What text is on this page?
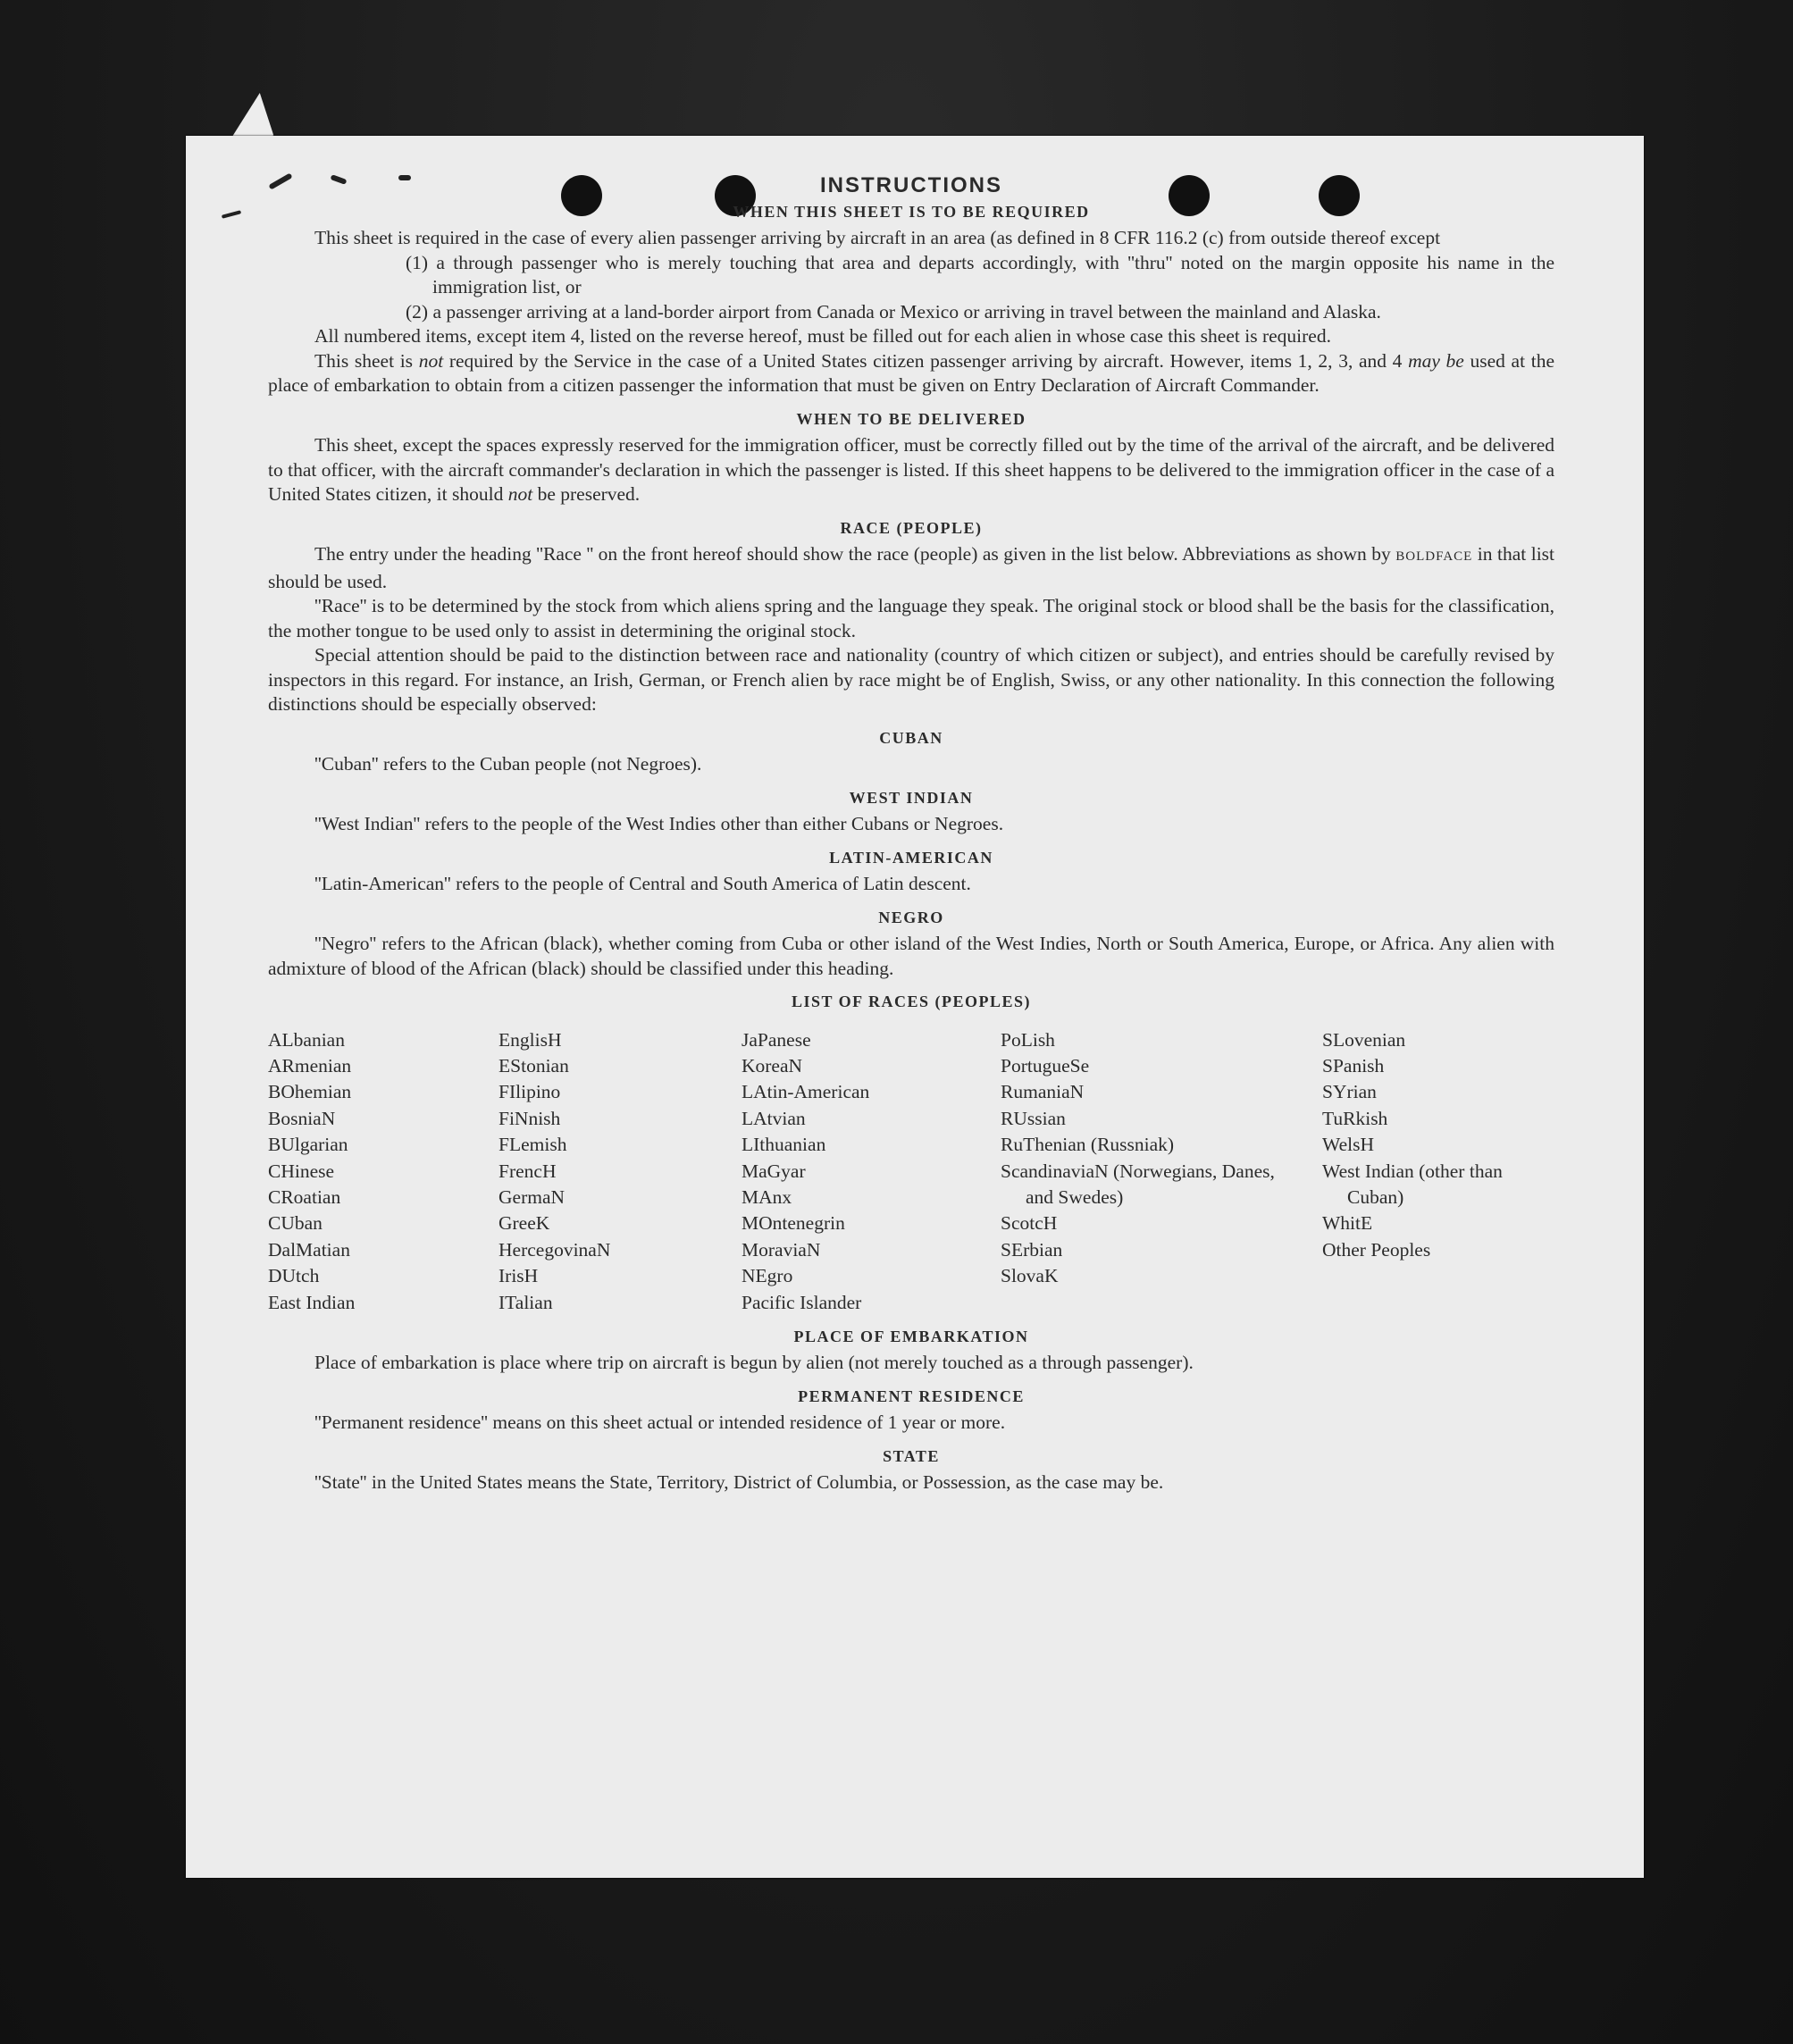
INSTRUCTIONS
WHEN THIS SHEET IS TO BE REQUIRED

This sheet is required in the case of every alien passenger arriving by aircraft in an area (as defined in 8 CFR 116.2 (c) from outside thereof except

(1) a through passenger who is merely touching that area and departs accordingly, with ''thru'' noted on the margin opposite his name in the immigration list, or

(2) a passenger arriving at a land-border airport from Canada or Mexico or arriving in travel between the mainland and Alaska.

All numbered items, except item 4, listed on the reverse hereof, must be filled out for each alien in whose case this sheet is required.

This sheet is not required by the Service in the case of a United States citizen passenger arriving by aircraft. However, items 1, 2, 3, and 4 may be used at the place of embarkation to obtain from a citizen passenger the information that must be given on Entry Declaration of Aircraft Commander.

WHEN TO BE DELIVERED

This sheet, except the spaces expressly reserved for the immigration officer, must be correctly filled out by the time of the arrival of the aircraft, and be delivered to that officer, with the aircraft commander's declaration in which the passenger is listed. If this sheet happens to be delivered to the immigration officer in the case of a United States citizen, it should not be preserved.

RACE (PEOPLE)

The entry under the heading ''Race '' on the front hereof should show the race (people) as given in the list below. Abbreviations as shown by BOLDFACE in that list should be used.

''Race'' is to be determined by the stock from which aliens spring and the language they speak. The original stock or blood shall be the basis for the classification, the mother tongue to be used only to assist in determining the original stock.

Special attention should be paid to the distinction between race and nationality (country of which citizen or subject), and entries should be carefully revised by inspectors in this regard. For instance, an Irish, German, or French alien by race might be of English, Swiss, or any other nationality. In this connection the following distinctions should be especially observed:

CUBAN

''Cuban'' refers to the Cuban people (not Negroes).

WEST INDIAN

''West Indian'' refers to the people of the West Indies other than either Cubans or Negroes.

LATIN-AMERICAN

''Latin-American'' refers to the people of Central and South America of Latin descent.

NEGRO

''Negro'' refers to the African (black), whether coming from Cuba or other island of the West Indies, North or South America, Europe, or Africa. Any alien with admixture of blood of the African (black) should be classified under this heading.

LIST OF RACES (PEOPLES)
ALbanian
ARmenian
BOhemian
BosniaN
BUlgarian
CHinese
CRoatian
CUban
DalMatian
DUtch
East Indian
EnglisH
EStonian
FIlipino
FiNnish
FLemish
FrencH
GermaN
GreeK
HercegovinaN
IrisH
ITalian
JaPanese
KoreaN
LAtin-American
LAtvian
LIthuanian
MaGyar
MAnx
MOntenegrin
MoraviaN
NEgro
Pacific Islander
PoLish
PortugueSe
RumaniaN
RUssian
RuThenian (Russniak)
ScandinaviaN (Norwegians, Danes, and Swedes)
ScotcH
SErbian
SlovaK
SLovenian
SPanish
SYrian
TuRkish
WelsH
West Indian (other than Cuban)
WhitE
Other Peoples
PLACE OF EMBARKATION

Place of embarkation is place where trip on aircraft is begun by alien (not merely touched as a through passenger).

PERMANENT RESIDENCE

''Permanent residence'' means on this sheet actual or intended residence of 1 year or more.

STATE

''State'' in the United States means the State, Territory, District of Columbia, or Possession, as the case may be.
